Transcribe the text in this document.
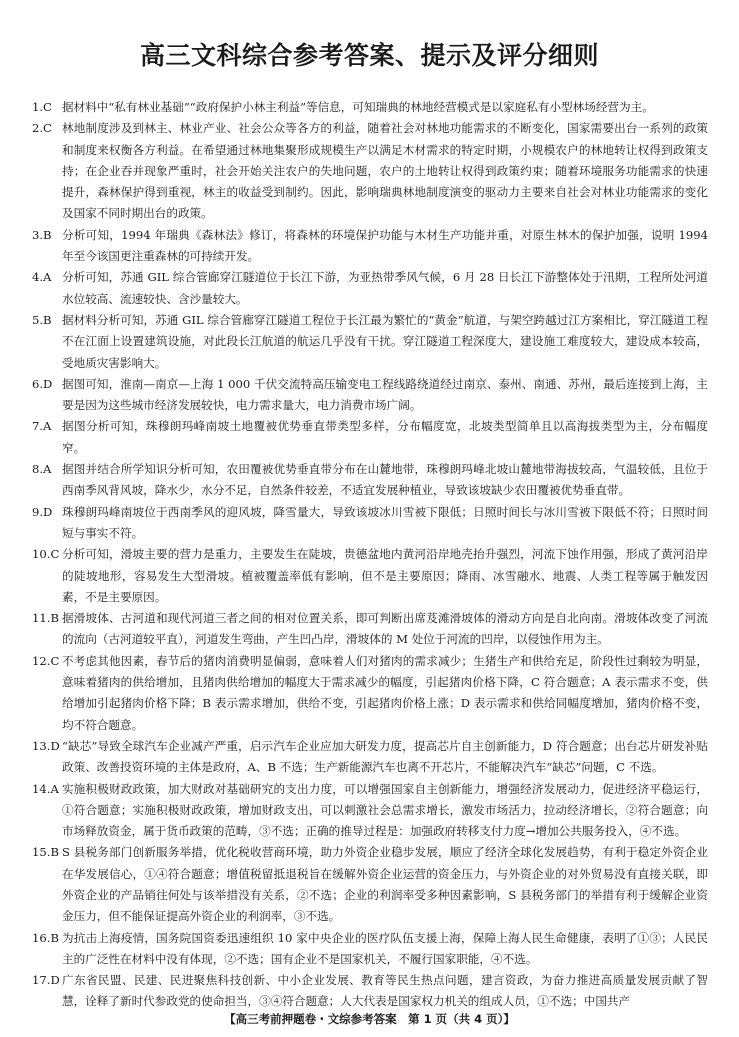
高三文科综合参考答案、提示及评分细则
1.C 据材料中“私有林业基础”“政府保护小林主利益”等信息，可知瑞典的林地经营模式是以家庭私有小型林场经营为主。
2.C 林地制度涉及到林主、林业产业、社会公众等各方的利益，随着社会对林地功能需求的不断变化，国家需要出台一系列的政策和制度来权衡各方利益。在希望通过林地集聚形成规模生产以满足木材需求的特定时期，小规模农户的林地转让权得到政策支持；在企业吞并现象严重时，社会开始关注农户的失地问题，农户的土地转让权得到政策约束；随着环境服务功能需求的快速提升，森林保护得到重视，林主的收益受到制约。因此，影响瑞典林地制度演变的驱动力主要来自社会对林业功能需求的变化及国家不同时期出台的政策。
3.B 分析可知，1994 年瑞典《森林法》修订，将森林的环境保护功能与木材生产功能并重，对原生林木的保护加强，说明 1994 年至今该国更注重森林的可持续开发。
4.A 分析可知，苏通 GIL 综合管廊穿江隧道位于长江下游，为亚热带季风气候，6 月 28 日长江下游整体处于汛期，工程所处河道水位较高、流速较快、含沙量较大。
5.B 据材料分析可知，苏通 GIL 综合管廊穿江隧道工程位于长江最为繁忙的“黄金”航道，与架空跨越过江方案相比，穿江隧道工程不在江面上设置建筑设施，对此段长江航道的航运几乎没有干扰。穿江隧道工程深度大，建设施工难度较大，建设成本较高，受地质灾害影响大。
6.D 据图可知，淮南—南京—上海 1 000 千伏交流特高压输变电工程线路绕道经过南京、泰州、南通、苏州，最后连接到上海，主要是因为这些城市经济发展较快，电力需求量大，电力消费市场广阔。
7.A 据图分析可知，珠穆朗玛峰南坡土地覆被优势垂直带类型多样，分布幅度宽，北坡类型简单且以高海拔类型为主，分布幅度窄。
8.A 据图并结合所学知识分析可知，农田覆被优势垂直带分布在山麓地带，珠穆朗玛峰北坡山麓地带海拔较高，气温较低，且位于西南季风背风坡，降水少，水分不足，自然条件较差，不适宜发展种植业，导致该坡缺少农田覆被优势垂直带。
9.D 珠穆朗玛峰南坡位于西南季风的迎风坡，降雪量大，导致该坡冰川雪被下限低；日照时间长与冰川雪被下限低不符；日照时间短与事实不符。
10.C 分析可知，滑坡主要的营力是重力，主要发生在陡坡，贵德盆地内黄河沿岸地壳抬升强烈，河流下蚀作用强，形成了黄河沿岸的陡坡地形，容易发生大型滑坡。植被覆盖率低有影响，但不是主要原因；降雨、冰雪融水、地震、人类工程等属于触发因素，不是主要原因。
11.B 据滑坡体、古河道和现代河道三者之间的相对位置关系，即可判断出席芨滩滑坡体的滑动方向是自北向南。滑坡体改变了河流的流向（古河道较平直），河道发生弯曲，产生凹凸岸，滑坡体的 M 处位于河流的凹岸，以侵蚀作用为主。
12.C 不考虑其他因素，春节后的猪肉消费明显偏弱，意味着人们对猪肉的需求减少；生猪生产和供给充足，阶段性过剩较为明显，意味着猪肉的供给增加，且猪肉供给增加的幅度大于需求减少的幅度，引起猪肉价格下降，C 符合题意；A 表示需求不变，供给增加引起猪肉价格下降；B 表示需求增加，供给不变，引起猪肉价格上涨；D 表示需求和供给同幅度增加，猪肉价格不变，均不符合题意。
13.D “缺芯”导致全球汽车企业减产严重，启示汽车企业应加大研发力度，提高芯片自主创新能力，D 符合题意；出台芯片研发补贴政策、改善投资环境的主体是政府，A、B 不选；生产新能源汽车也离不开芯片，不能解决汽车“缺芯”问题，C 不选。
14.A 实施积极财政政策，加大财政对基础研究的支出力度，可以增强国家自主创新能力，增强经济发展动力，促进经济平稳运行，①符合题意；实施积极财政政策，增加财政支出，可以刺激社会总需求增长，激发市场活力，拉动经济增长，②符合题意；向市场释放资金，属于货币政策的范畴，③不选；正确的推导过程是：加强政府转移支付力度→增加公共服务投入，④不选。
15.B S 县税务部门创新服务举措，优化税收营商环境，助力外资企业稳步发展，顺应了经济全球化发展趋势，有利于稳定外资企业在华发展信心，①④符合题意；增值税留抵退税旨在缓解外资企业运营的资金压力，与外资企业的对外贸易没有直接关联，即外资企业的产品销往何处与该举措没有关系，②不选；企业的利润率受多种因素影响，S 县税务部门的举措有利于缓解企业资金压力，但不能保证提高外资企业的利润率，③不选。
16.B 为抗击上海疫情，国务院国资委迅速组织 10 家中央企业的医疗队伍支援上海，保障上海人民生命健康，表明了①③；人民民主的广泛性在材料中没有体现，②不选；国有企业不是国家机关，不履行国家职能，④不选。
17.D 广东省民盟、民建、民进聚焦科技创新、中小企业发展、教育等民生热点问题，建言资政，为奋力推进高质量发展贡献了智慧，诠释了新时代参政党的使命担当，③④符合题意；人大代表是国家权力机关的组成人员，①不选；中国共产
【高三考前押题卷・文综参考答案　第 1 页（共 4 页）】
